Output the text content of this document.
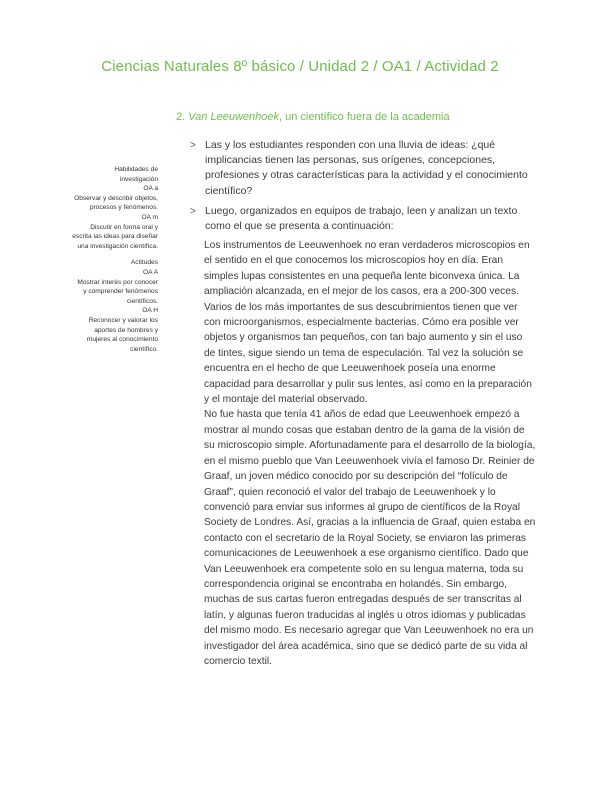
Ciencias Naturales 8º básico / Unidad 2 / OA1 / Actividad 2
2. Van Leeuwenhoek, un científico fuera de la academia
Habilidades de
investigación
OA a
Observar y describir objetos,
procesos y fenómenos.
OA m
Discutir en forma oral y
escrita las ideas para diseñar
una investigación científica.
Actitudes
OA A
Mostrar interés por conocer
y comprender fenómenos
científicos.
OA H
Reconocer y valorar los
aportes de hombres y
mujeres al conocimiento
científico.
> Las y los estudiantes responden con una lluvia de ideas: ¿qué implicancias tienen las personas, sus orígenes, concepciones, profesiones y otras características para la actividad y el conocimiento científico?
> Luego, organizados en equipos de trabajo, leen y analizan un texto como el que se presenta a continuación:

Los instrumentos de Leeuwenhoek no eran verdaderos microscopios en el sentido en el que conocemos los microscopios hoy en día. Eran simples lupas consistentes en una pequeña lente biconvexa única. La ampliación alcanzada, en el mejor de los casos, era a 200-300 veces. Varios de los más importantes de sus descubrimientos tienen que ver con microorganismos, especialmente bacterias. Cómo era posible ver objetos y organismos tan pequeños, con tan bajo aumento y sin el uso de tintes, sigue siendo un tema de especulación. Tal vez la solución se encuentra en el hecho de que Leeuwenhoek poseía una enorme capacidad para desarrollar y pulir sus lentes, así como en la preparación y el montaje del material observado.

No fue hasta que tenía 41 años de edad que Leeuwenhoek empezó a mostrar al mundo cosas que estaban dentro de la gama de la visión de su microscopio simple. Afortunadamente para el desarrollo de la biología, en el mismo pueblo que Van Leeuwenhoek vivía el famoso Dr. Reinier de Graaf, un joven médico conocido por su descripción del “folículo de Graaf”, quien reconoció el valor del trabajo de Leeuwenhoek y lo convenció para enviar sus informes al grupo de científicos de la Royal Society de Londres. Así, gracias a la influencia de Graaf, quien estaba en contacto con el secretario de la Royal Society, se enviaron las primeras comunicaciones de Leeuwenhoek a ese organismo científico. Dado que Van Leeuwenhoek era competente solo en su lengua materna, toda su correspondencia original se encontraba en holandés. Sin embargo, muchas de sus cartas fueron entregadas después de ser transcritas al latín, y algunas fueron traducidas al inglés u otros idiomas y publicadas del mismo modo. Es necesario agregar que Van Leeuwenhoek no era un investigador del área académica, sino que se dedicó parte de su vida al comercio textil.
